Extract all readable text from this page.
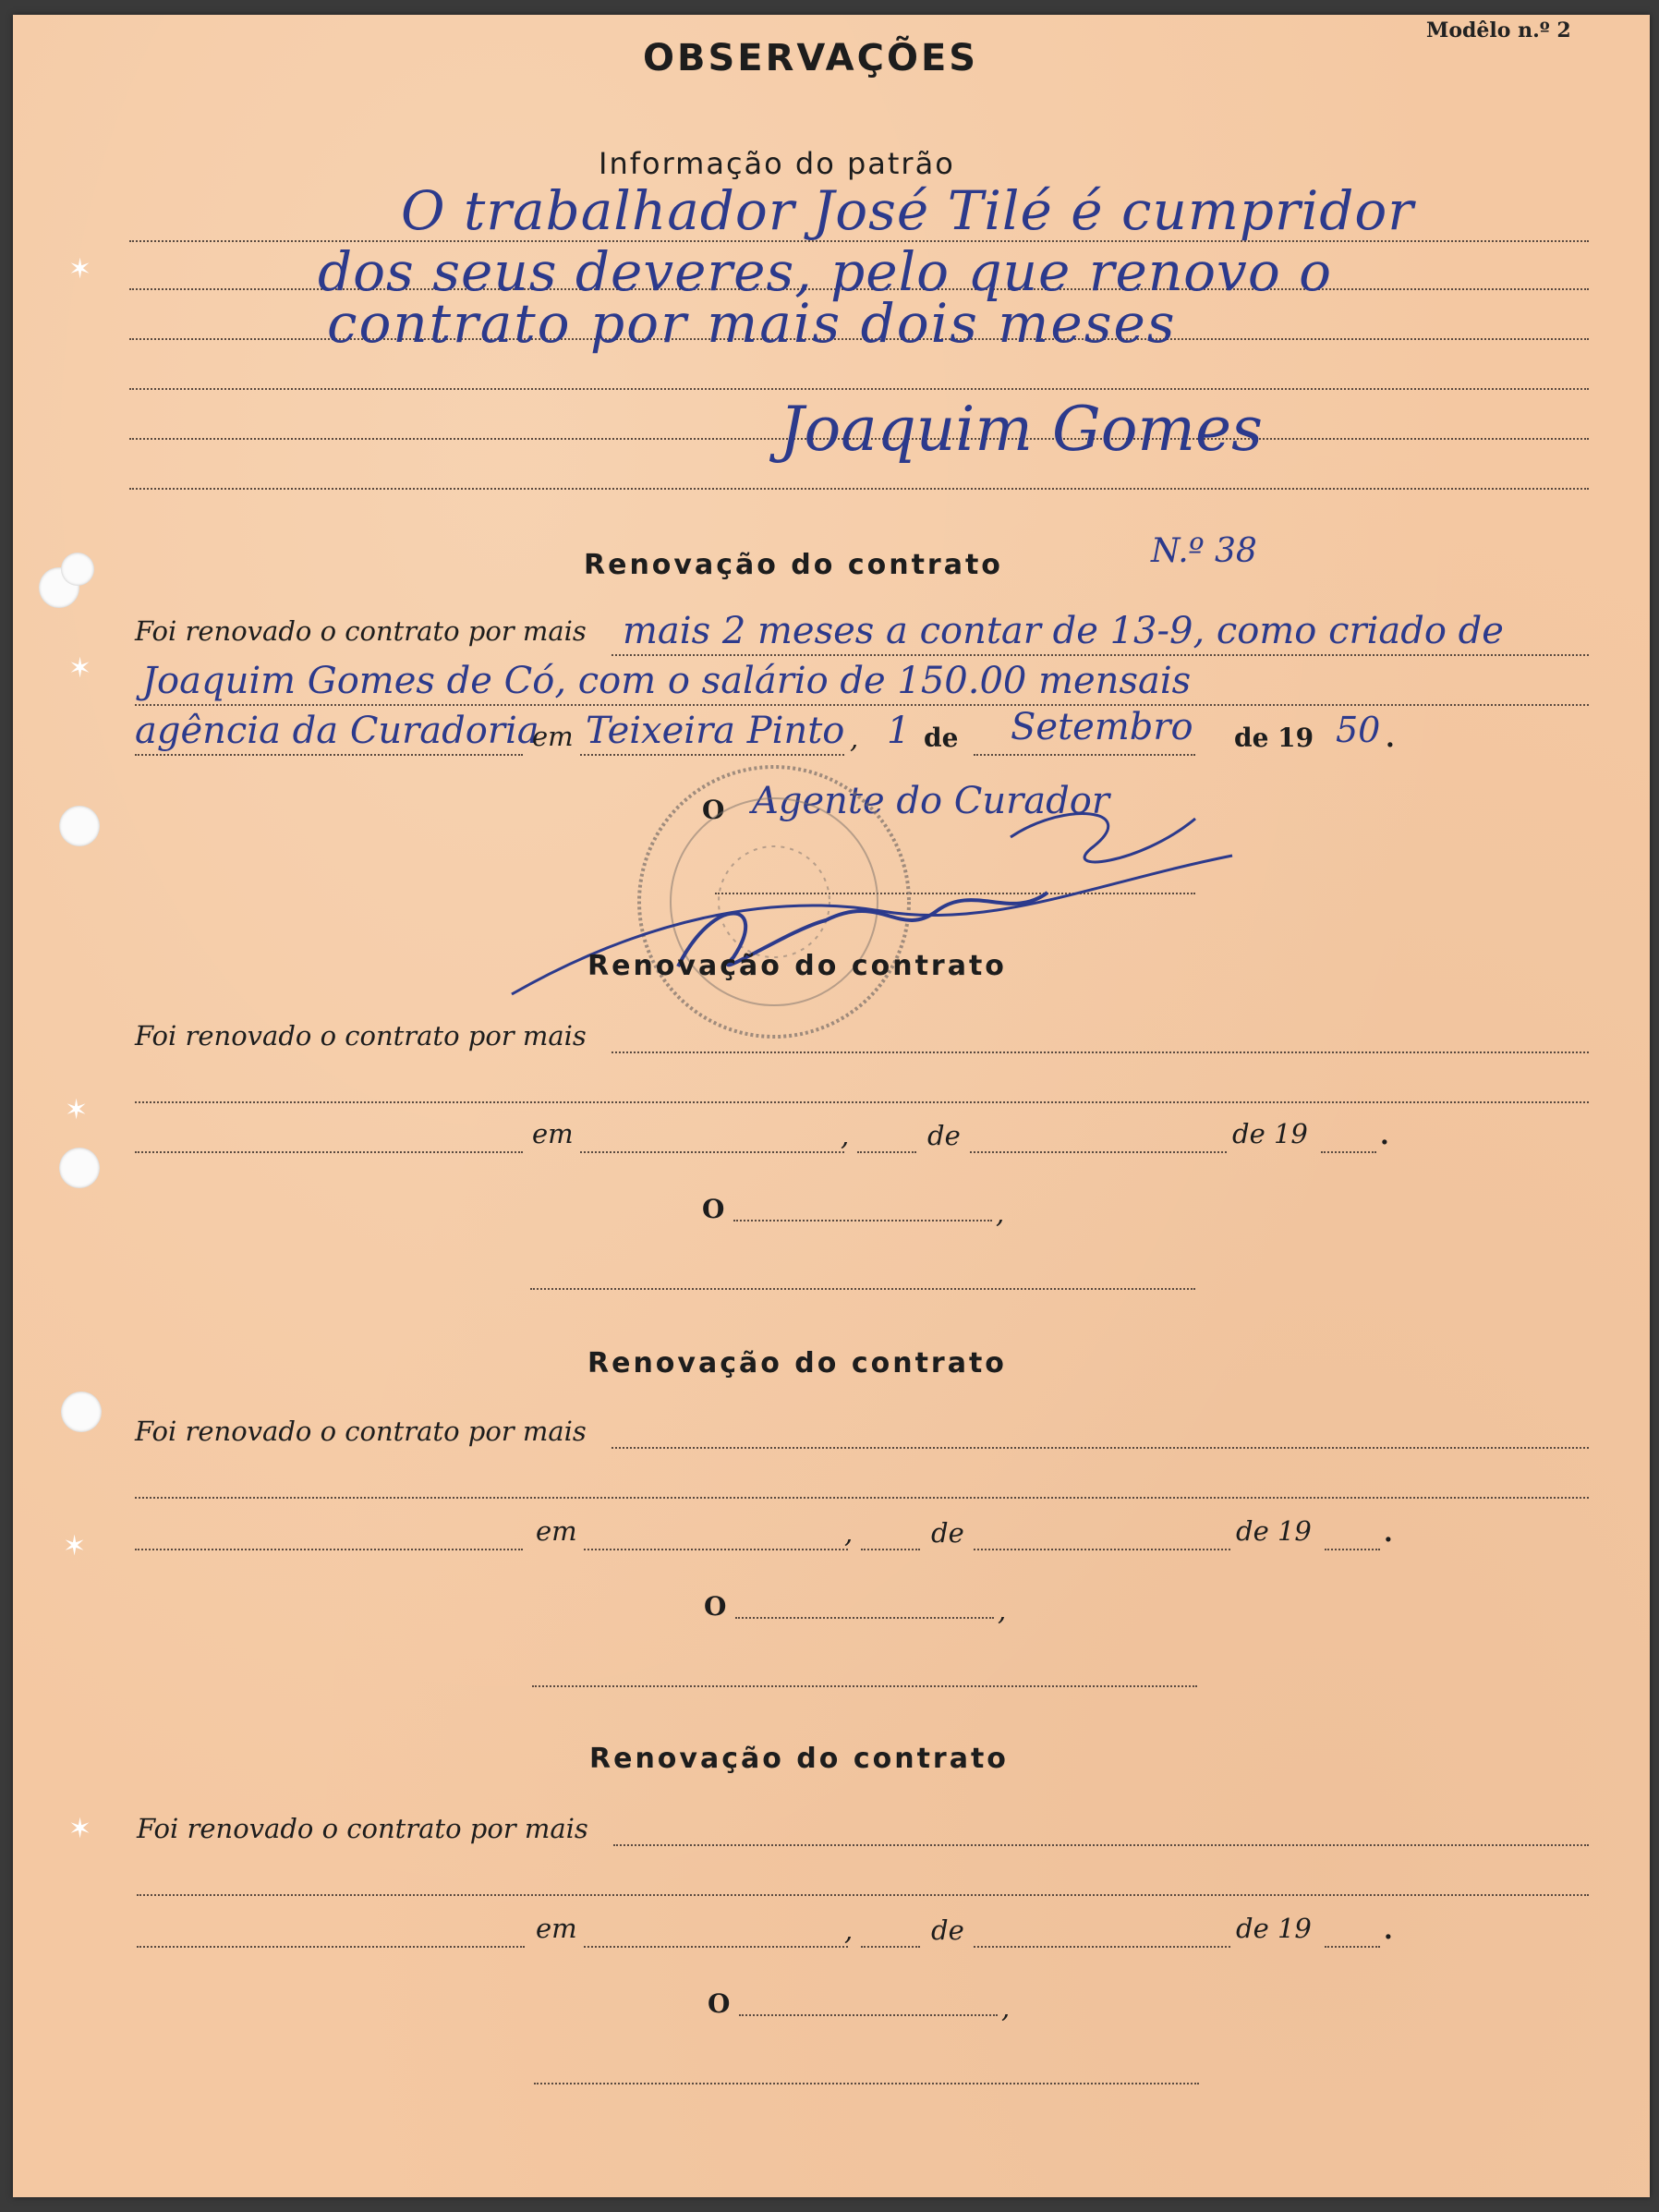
OBSERVAÇÕES
Modêlo n.º 2
Informação do patrão
O trabalhador José Tilé é cumpridor
dos seus deveres, pelo que renovo o
contrato por mais dois meses
Joaquim Gomes
Renovação do contrato	N.º 38
Foi renovado o contrato por mais mais 2 meses a contar de 13-9, como criado de
Joaquim Gomes de Có, com o salário de 150.00 mensais
agência da Curadoria
em Teixeira Pinto , 1 de Setembro de 19 50 .
O Agente do Curador
Renovação do contrato
Foi renovado o contrato por mais
em	,	de	de 19	.
O	,
Renovação do contrato
Foi renovado o contrato por mais
em	,	de	de 19	.
O	,
Renovação do contrato
Foi renovado o contrato por mais
em	,	de	de 19	.
O	,
✶
✶
✶
✶
✶
